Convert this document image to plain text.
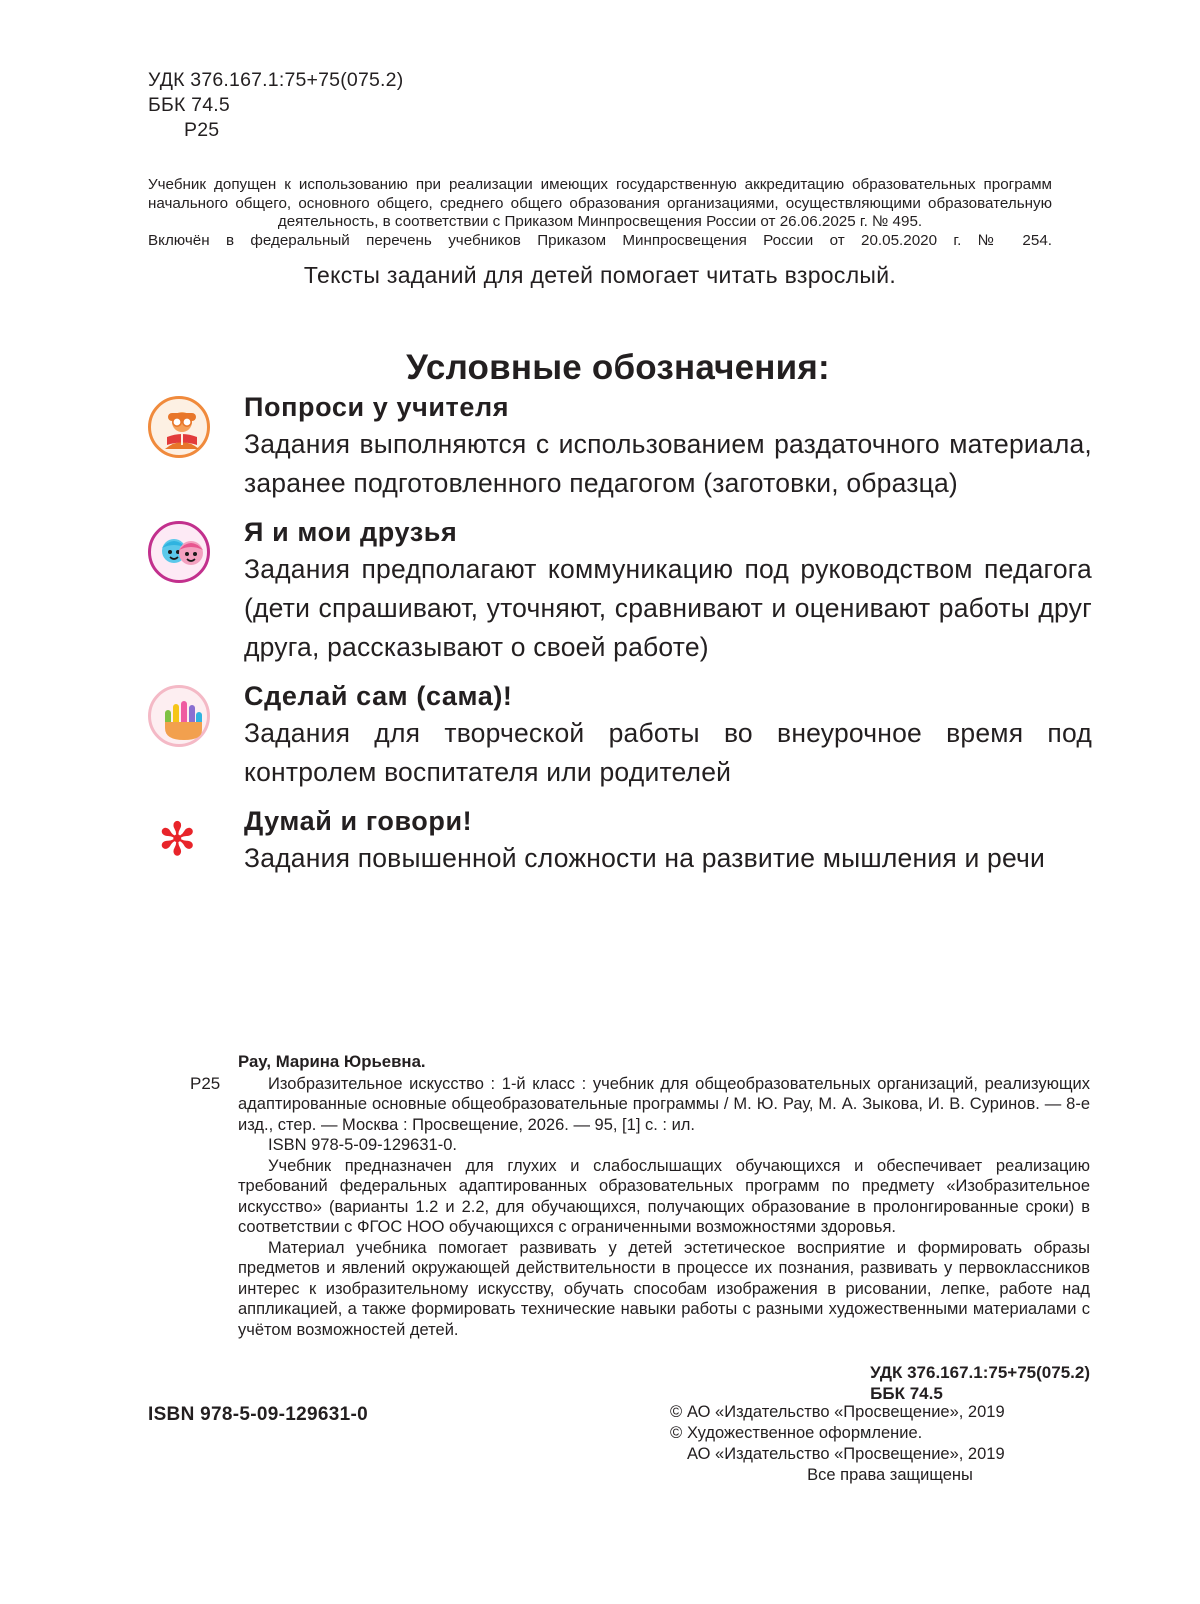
УДК 376.167.1:75+75(075.2)
ББК 74.5
Р25
Учебник допущен к использованию при реализации имеющих государственную аккредитацию образовательных программ
начального общего, основного общего, среднего общего образования организациями, осуществляющими образовательную
деятельность, в соответствии с Приказом Минпросвещения России от 26.06.2025 г. № 495.
Включён в федеральный перечень учебников Приказом Минпросвещения России от 20.05.2020 г. № 254.
Тексты заданий для детей помогает читать взрослый.
Условные обозначения:
Попроси у учителя

Задания выполняются с использованием раздаточного материала, заранее подготовленного педагогом (заготовки, образца)

Я и мои друзья

Задания предполагают коммуникацию под руководством педагога (дети спрашивают, уточняют, сравнивают и оценивают работы друг друга, рассказывают о своей работе)

Сделай сам (сама)!

Задания для творческой работы во внеурочное время под контролем воспитателя или родителей

✻ Думай и говори!

Задания повышенной сложности на развитие мышления и речи

Р25
Рау, Марина Юрьевна.

Изобразительное искусство : 1-й класс : учебник для общеобразовательных организаций, реализующих адаптированные основные общеобразовательные программы / М. Ю. Рау, М. А. Зыкова, И. В. Суринов. — 8-е изд., стер. — Москва : Просвещение, 2026. — 95, [1] с. : ил.

ISBN 978-5-09-129631-0.

Учебник предназначен для глухих и слабослышащих обучающихся и обеспечивает реализацию требований федеральных адаптированных образовательных программ по предмету «Изобразительное искусство» (варианты 1.2 и 2.2, для обучающихся, получающих образование в пролонгированные сроки) в соответствии с ФГОС НОО обучающихся с ограниченными возможностями здоровья.

Материал учебника помогает развивать у детей эстетическое восприятие и формировать образы предметов и явлений окружающей действительности в процессе их познания, развивать у первоклассников интерес к изобразительному искусству, обучать способам изображения в рисовании, лепке, работе над аппликацией, а также формировать технические навыки работы с разными художественными материалами с учётом возможностей детей.

УДК 376.167.1:75+75(075.2)
ББК 74.5
ISBN 978-5-09-129631-0	© АО «Издательство «Просвещение», 2019
© Художественное оформление.
АО «Издательство «Просвещение», 2019
Все права защищены
